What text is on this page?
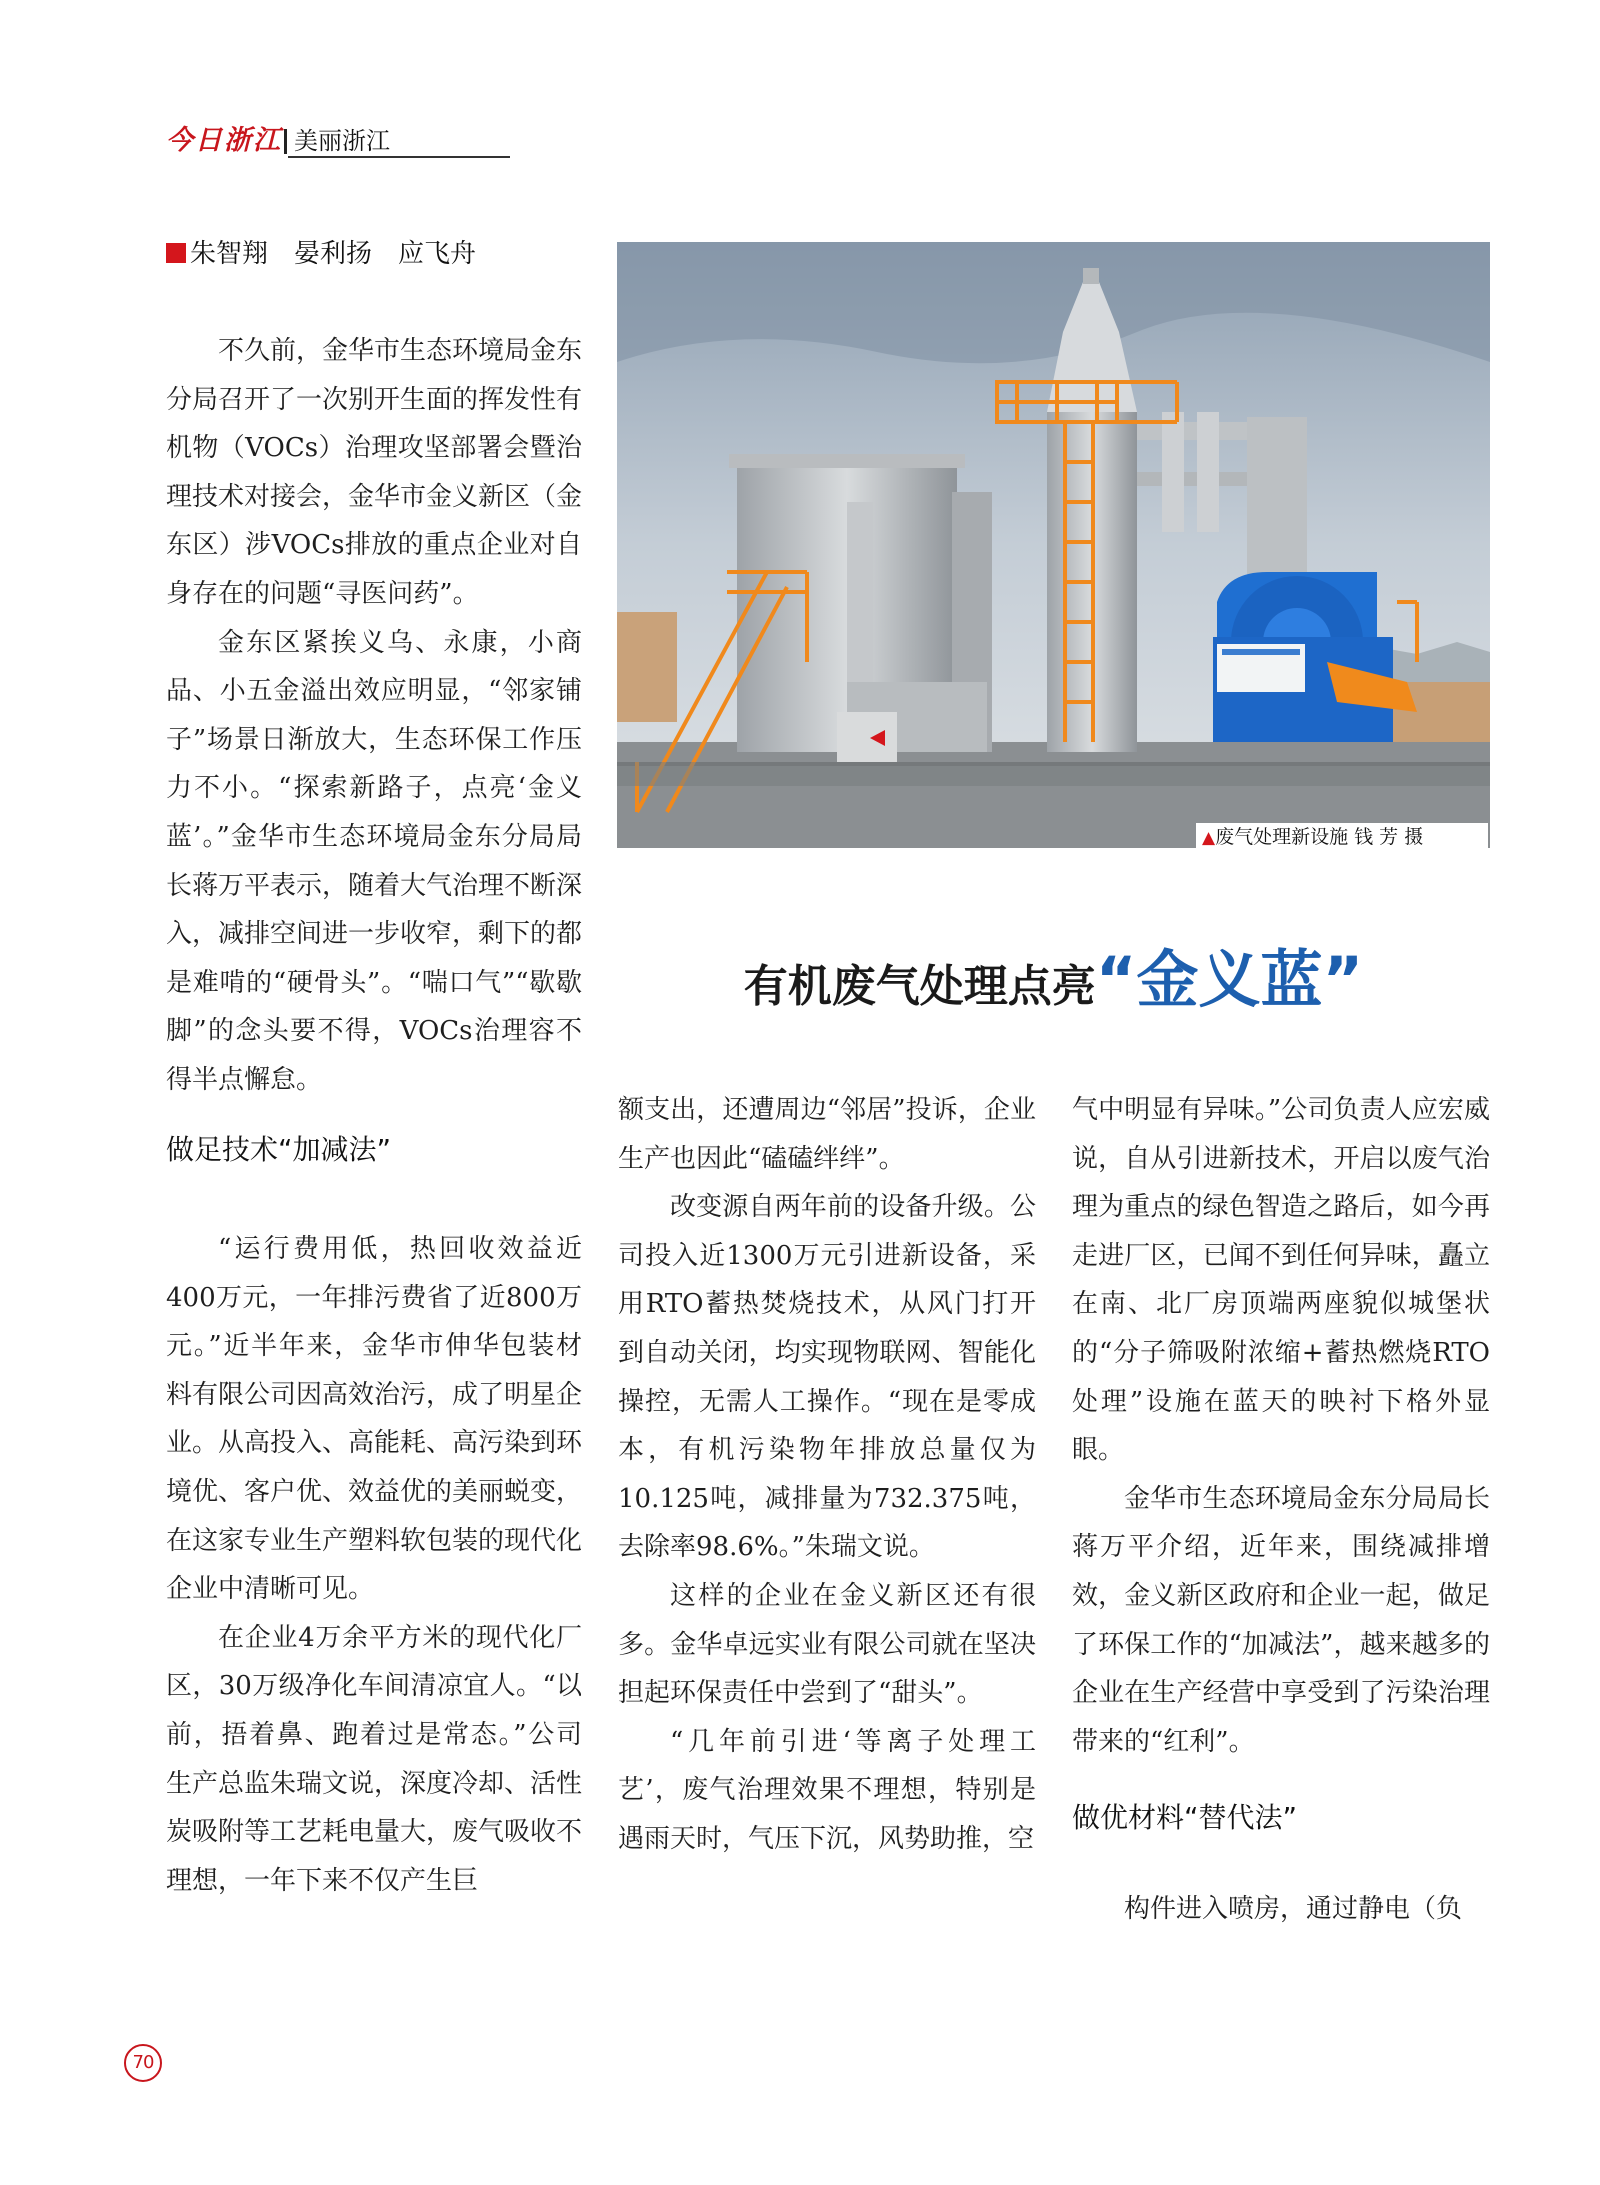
今日浙江 美丽浙江
朱智翔 晏利扬 应飞舟
▲废气处理新设施 钱 芳 摄
有机废气处理点亮“金义蓝”

不久前，金华市生态环境局金东分局召开了一次别开生面的挥发性有机物（VOCs）治理攻坚部署会暨治理技术对接会，金华市金义新区（金东区）涉VOCs排放的重点企业对自身存在的问题“寻医问药”。

金东区紧挨义乌、永康，小商品、小五金溢出效应明显，“邻家铺子”场景日渐放大，生态环保工作压力不小。“探索新路子，点亮‘金义蓝’。”金华市生态环境局金东分局局长蒋万平表示，随着大气治理不断深入，减排空间进一步收窄，剩下的都是难啃的“硬骨头”。“喘口气”“歇歇脚”的念头要不得，VOCs治理容不得半点懈怠。

做足技术“加减法”

“运行费用低，热回收效益近400万元，一年排污费省了近800万元。”近半年来，金华市伸华包装材料有限公司因高效治污，成了明星企业。从高投入、高能耗、高污染到环境优、客户优、效益优的美丽蜕变，在这家专业生产塑料软包装的现代化企业中清晰可见。

在企业4万余平方米的现代化厂区，30万级净化车间清凉宜人。“以前，捂着鼻、跑着过是常态。”公司生产总监朱瑞文说，深度冷却、活性炭吸附等工艺耗电量大，废气吸收不理想，一年下来不仅产生巨

额支出，还遭周边“邻居”投诉，企业生产也因此“磕磕绊绊”。

改变源自两年前的设备升级。公司投入近1300万元引进新设备，采用RTO蓄热焚烧技术，从风门打开到自动关闭，均实现物联网、智能化操控，无需人工操作。“现在是零成本，有机污染物年排放总量仅为10.125吨，减排量为732.375吨，去除率98.6%。”朱瑞文说。

这样的企业在金义新区还有很多。金华卓远实业有限公司就在坚决担起环保责任中尝到了“甜头”。

“几年前引进‘等离子处理工艺’，废气治理效果不理想，特别是遇雨天时，气压下沉，风势助推，空

气中明显有异味。”公司负责人应宏威说，自从引进新技术，开启以废气治理为重点的绿色智造之路后，如今再走进厂区，已闻不到任何异味，矗立在南、北厂房顶端两座貌似城堡状的“分子筛吸附浓缩+蓄热燃烧RTO处理”设施在蓝天的映衬下格外显眼。

金华市生态环境局金东分局局长蒋万平介绍，近年来，围绕减排增效，金义新区政府和企业一起，做足了环保工作的“加减法”，越来越多的企业在生产经营中享受到了污染治理带来的“红利”。

做优材料“替代法”

构件进入喷房，通过静电（负

70
